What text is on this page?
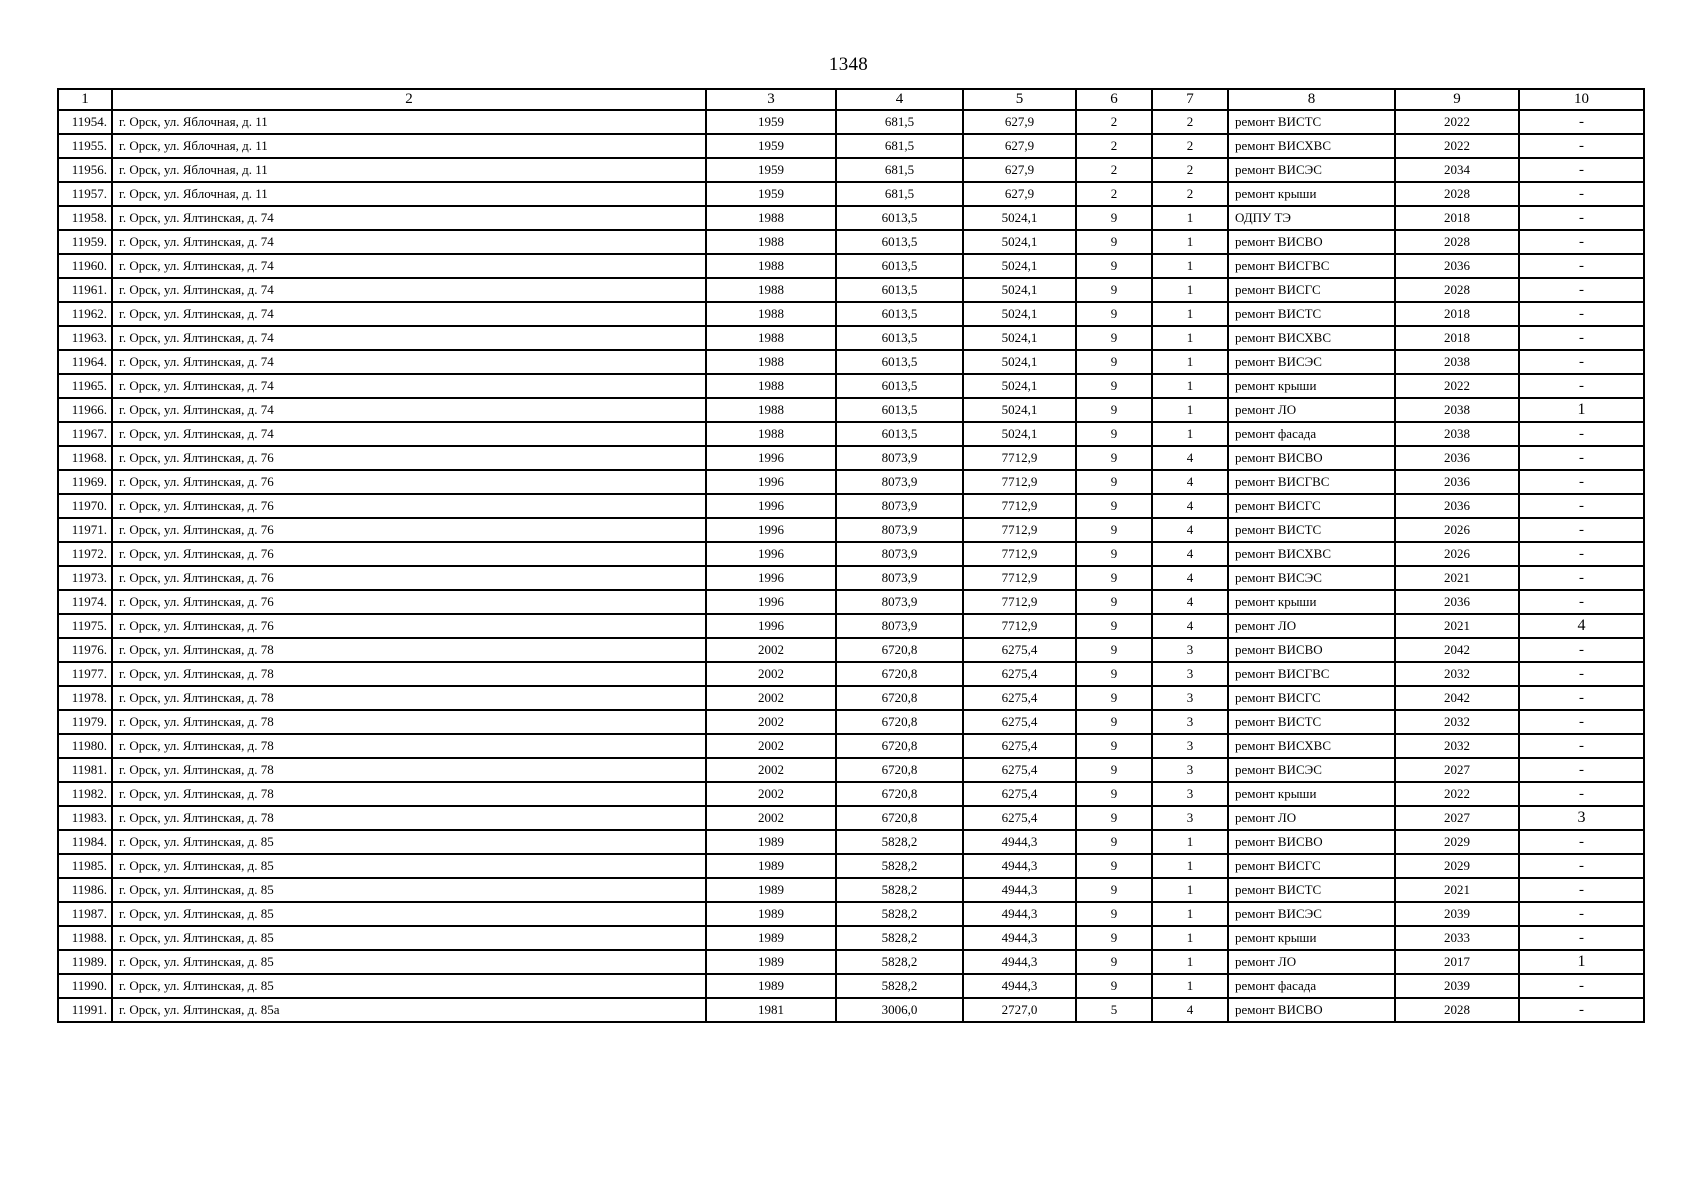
1348
1	2	3	4	5	6	7	8	9	10
11954.	г. Орск, ул. Яблочная, д. 11	1959	681,5	627,9	2	2	ремонт ВИСТС	2022	-
11955.	г. Орск, ул. Яблочная, д. 11	1959	681,5	627,9	2	2	ремонт ВИСХВС	2022	-
11956.	г. Орск, ул. Яблочная, д. 11	1959	681,5	627,9	2	2	ремонт ВИСЭС	2034	-
11957.	г. Орск, ул. Яблочная, д. 11	1959	681,5	627,9	2	2	ремонт крыши	2028	-
11958.	г. Орск, ул. Ялтинская, д. 74	1988	6013,5	5024,1	9	1	ОДПУ ТЭ	2018	-
11959.	г. Орск, ул. Ялтинская, д. 74	1988	6013,5	5024,1	9	1	ремонт ВИСВО	2028	-
11960.	г. Орск, ул. Ялтинская, д. 74	1988	6013,5	5024,1	9	1	ремонт ВИСГВС	2036	-
11961.	г. Орск, ул. Ялтинская, д. 74	1988	6013,5	5024,1	9	1	ремонт ВИСГС	2028	-
11962.	г. Орск, ул. Ялтинская, д. 74	1988	6013,5	5024,1	9	1	ремонт ВИСТС	2018	-
11963.	г. Орск, ул. Ялтинская, д. 74	1988	6013,5	5024,1	9	1	ремонт ВИСХВС	2018	-
11964.	г. Орск, ул. Ялтинская, д. 74	1988	6013,5	5024,1	9	1	ремонт ВИСЭС	2038	-
11965.	г. Орск, ул. Ялтинская, д. 74	1988	6013,5	5024,1	9	1	ремонт крыши	2022	-
11966.	г. Орск, ул. Ялтинская, д. 74	1988	6013,5	5024,1	9	1	ремонт ЛО	2038	1
11967.	г. Орск, ул. Ялтинская, д. 74	1988	6013,5	5024,1	9	1	ремонт фасада	2038	-
11968.	г. Орск, ул. Ялтинская, д. 76	1996	8073,9	7712,9	9	4	ремонт ВИСВО	2036	-
11969.	г. Орск, ул. Ялтинская, д. 76	1996	8073,9	7712,9	9	4	ремонт ВИСГВС	2036	-
11970.	г. Орск, ул. Ялтинская, д. 76	1996	8073,9	7712,9	9	4	ремонт ВИСГС	2036	-
11971.	г. Орск, ул. Ялтинская, д. 76	1996	8073,9	7712,9	9	4	ремонт ВИСТС	2026	-
11972.	г. Орск, ул. Ялтинская, д. 76	1996	8073,9	7712,9	9	4	ремонт ВИСХВС	2026	-
11973.	г. Орск, ул. Ялтинская, д. 76	1996	8073,9	7712,9	9	4	ремонт ВИСЭС	2021	-
11974.	г. Орск, ул. Ялтинская, д. 76	1996	8073,9	7712,9	9	4	ремонт крыши	2036	-
11975.	г. Орск, ул. Ялтинская, д. 76	1996	8073,9	7712,9	9	4	ремонт ЛО	2021	4
11976.	г. Орск, ул. Ялтинская, д. 78	2002	6720,8	6275,4	9	3	ремонт ВИСВО	2042	-
11977.	г. Орск, ул. Ялтинская, д. 78	2002	6720,8	6275,4	9	3	ремонт ВИСГВС	2032	-
11978.	г. Орск, ул. Ялтинская, д. 78	2002	6720,8	6275,4	9	3	ремонт ВИСГС	2042	-
11979.	г. Орск, ул. Ялтинская, д. 78	2002	6720,8	6275,4	9	3	ремонт ВИСТС	2032	-
11980.	г. Орск, ул. Ялтинская, д. 78	2002	6720,8	6275,4	9	3	ремонт ВИСХВС	2032	-
11981.	г. Орск, ул. Ялтинская, д. 78	2002	6720,8	6275,4	9	3	ремонт ВИСЭС	2027	-
11982.	г. Орск, ул. Ялтинская, д. 78	2002	6720,8	6275,4	9	3	ремонт крыши	2022	-
11983.	г. Орск, ул. Ялтинская, д. 78	2002	6720,8	6275,4	9	3	ремонт ЛО	2027	3
11984.	г. Орск, ул. Ялтинская, д. 85	1989	5828,2	4944,3	9	1	ремонт ВИСВО	2029	-
11985.	г. Орск, ул. Ялтинская, д. 85	1989	5828,2	4944,3	9	1	ремонт ВИСГС	2029	-
11986.	г. Орск, ул. Ялтинская, д. 85	1989	5828,2	4944,3	9	1	ремонт ВИСТС	2021	-
11987.	г. Орск, ул. Ялтинская, д. 85	1989	5828,2	4944,3	9	1	ремонт ВИСЭС	2039	-
11988.	г. Орск, ул. Ялтинская, д. 85	1989	5828,2	4944,3	9	1	ремонт крыши	2033	-
11989.	г. Орск, ул. Ялтинская, д. 85	1989	5828,2	4944,3	9	1	ремонт ЛО	2017	1
11990.	г. Орск, ул. Ялтинская, д. 85	1989	5828,2	4944,3	9	1	ремонт фасада	2039	-
11991.	г. Орск, ул. Ялтинская, д. 85а	1981	3006,0	2727,0	5	4	ремонт ВИСВО	2028	-
